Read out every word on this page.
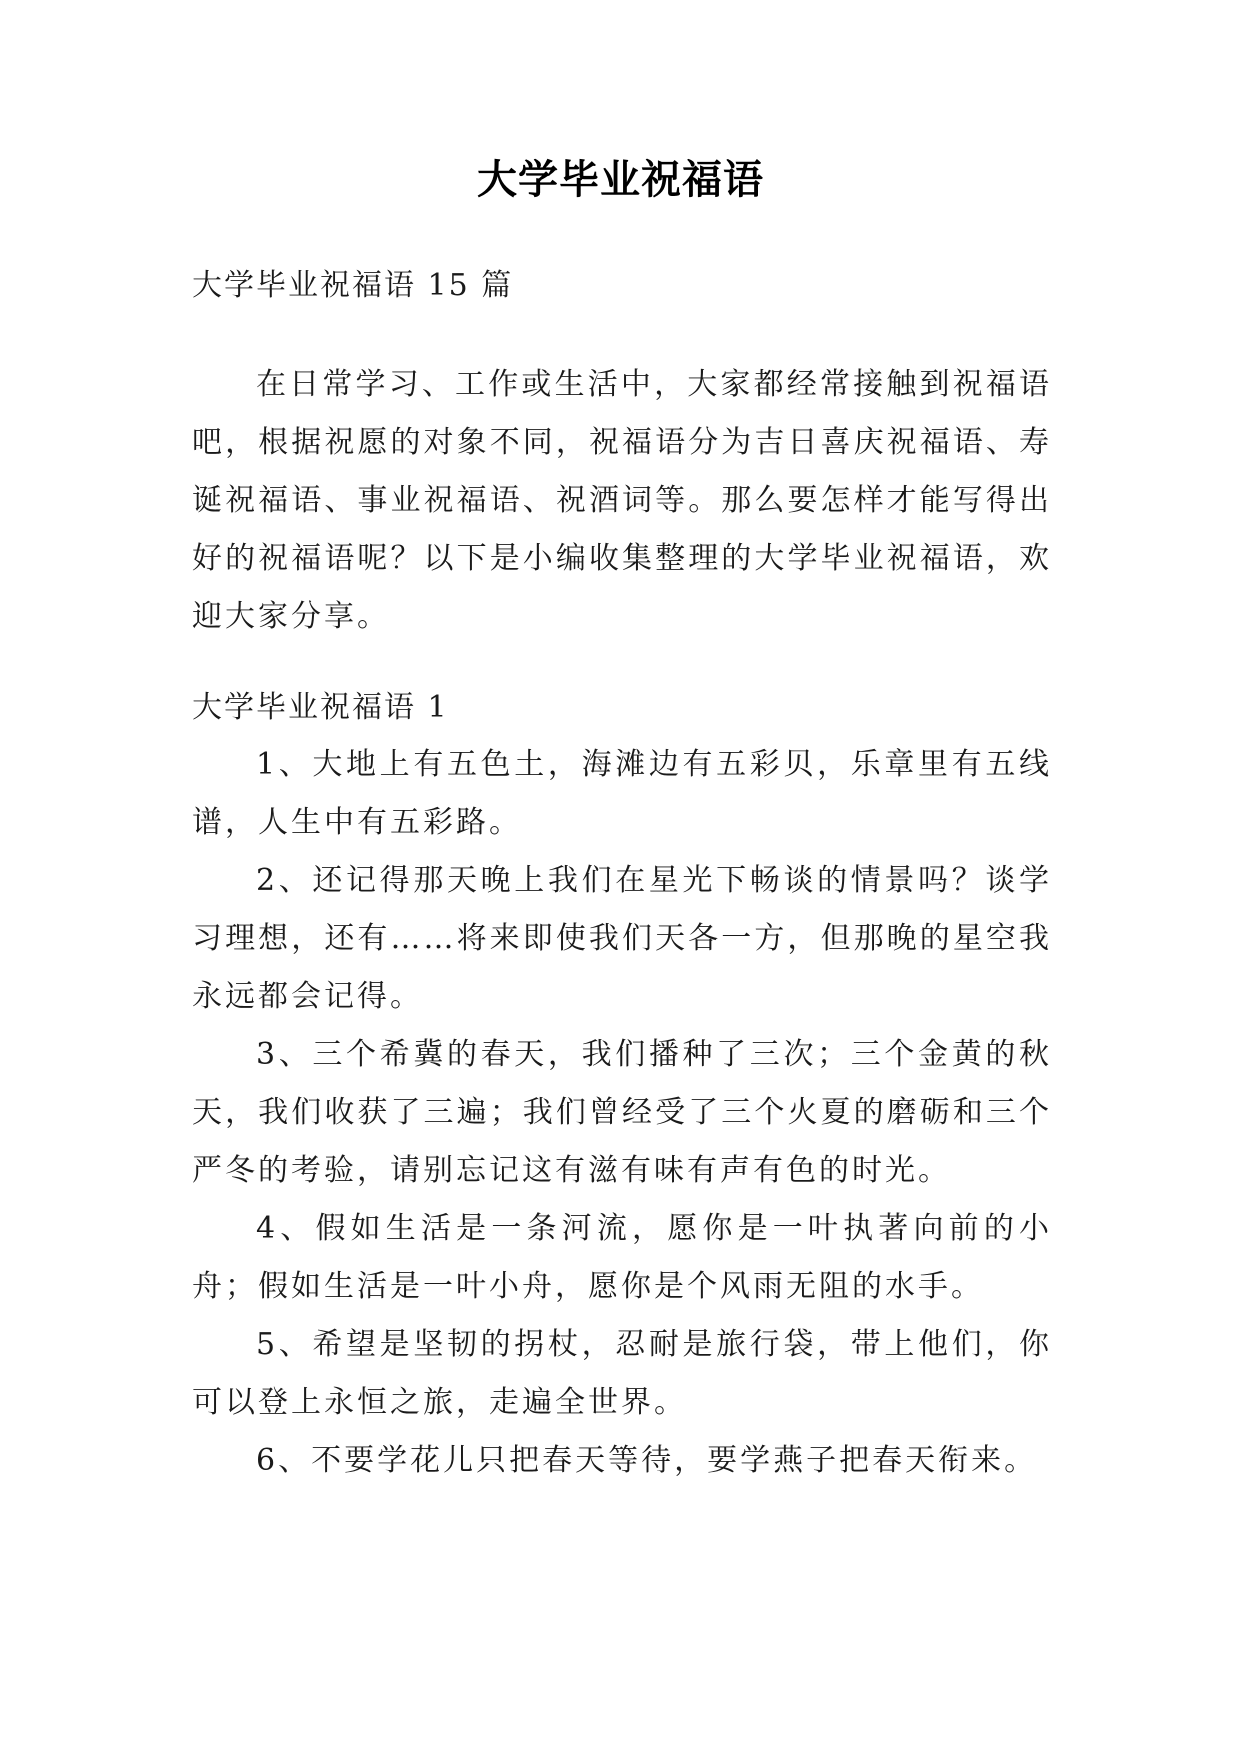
大学毕业祝福语
大学毕业祝福语 15 篇

在日常学习、工作或生活中，大家都经常接触到祝福语吧，根据祝愿的对象不同，祝福语分为吉日喜庆祝福语、寿诞祝福语、事业祝福语、祝酒词等。那么要怎样才能写得出好的祝福语呢？以下是小编收集整理的大学毕业祝福语，欢迎大家分享。

大学毕业祝福语 1

1、大地上有五色土，海滩边有五彩贝，乐章里有五线谱，人生中有五彩路。

2、还记得那天晚上我们在星光下畅谈的情景吗？谈学习理想，还有……将来即使我们天各一方，但那晚的星空我永远都会记得。

3、三个希冀的春天，我们播种了三次；三个金黄的秋天，我们收获了三遍；我们曾经受了三个火夏的磨砺和三个严冬的考验，请别忘记这有滋有味有声有色的时光。

4、假如生活是一条河流，愿你是一叶执著向前的小舟；假如生活是一叶小舟，愿你是个风雨无阻的水手。

5、希望是坚韧的拐杖，忍耐是旅行袋，带上他们，你可以登上永恒之旅，走遍全世界。

6、不要学花儿只把春天等待，要学燕子把春天衔来。
